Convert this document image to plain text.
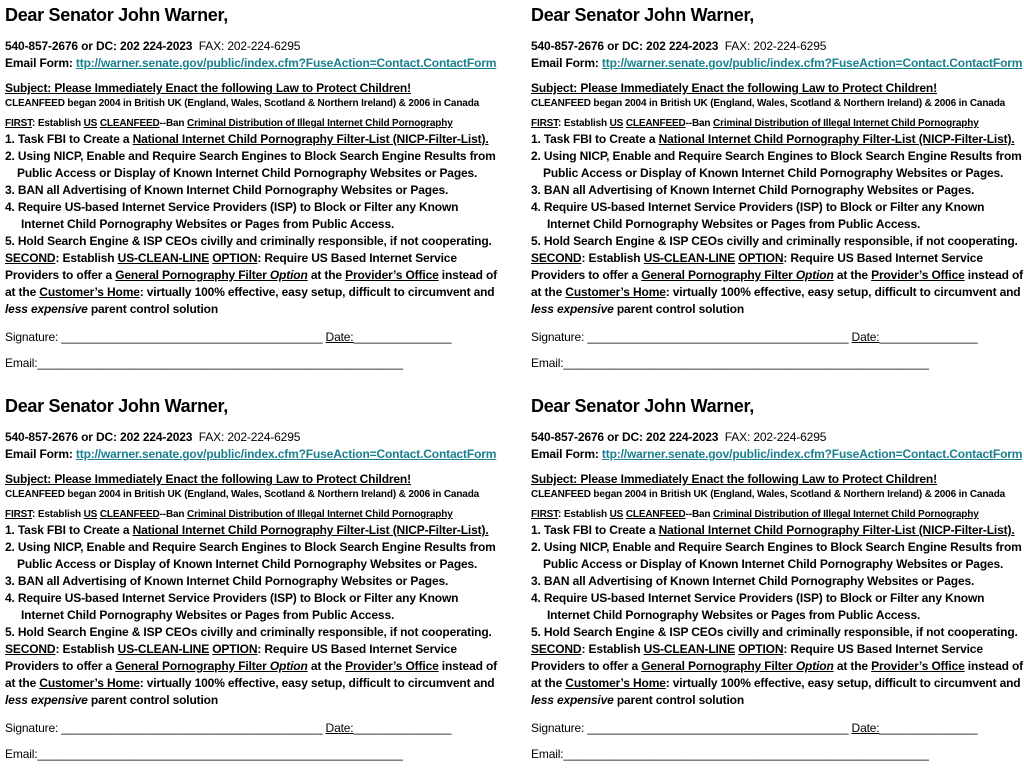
Dear Senator John Warner,
540-857-2676 or DC: 202 224-2023 FAX: 202-224-6295
Email Form: ttp://warner.senate.gov/public/index.cfm?FuseAction=Contact.ContactForm
Subject: Please Immediately Enact the following Law to Protect Children!
CLEANFEED began 2004 in British UK (England, Wales, Scotland & Northern Ireland) & 2006 in Canada
FIRST: Establish US CLEANFEED--Ban Criminal Distribution of Illegal Internet Child Pornography
1. Task FBI to Create a National Internet Child Pornography Filter-List (NICP-Filter-List).
2. Using NICP, Enable and Require Search Engines to Block Search Engine Results from
Public Access or Display of Known Internet Child Pornography Websites or Pages.
3. BAN all Advertising of Known Internet Child Pornography Websites or Pages.
4. Require US-based Internet Service Providers (ISP) to Block or Filter any Known
Internet Child Pornography Websites or Pages from Public Access.
5. Hold Search Engine & ISP CEOs civilly and criminally responsible, if not cooperating.
SECOND: Establish US-CLEAN-LINE OPTION: Require US Based Internet Service
Providers to offer a General Pornography Filter Option at the Provider’s Office instead of
at the Customer’s Home: virtually 100% effective, easy setup, difficult to circumvent and
less expensive parent control solution
Signature: ________________________________________ Date:_______________
Email:________________________________________________________
Dear Senator John Warner,
540-857-2676 or DC: 202 224-2023 FAX: 202-224-6295
Email Form: ttp://warner.senate.gov/public/index.cfm?FuseAction=Contact.ContactForm
Subject: Please Immediately Enact the following Law to Protect Children!
CLEANFEED began 2004 in British UK (England, Wales, Scotland & Northern Ireland) & 2006 in Canada
FIRST: Establish US CLEANFEED--Ban Criminal Distribution of Illegal Internet Child Pornography
1. Task FBI to Create a National Internet Child Pornography Filter-List (NICP-Filter-List).
2. Using NICP, Enable and Require Search Engines to Block Search Engine Results from
Public Access or Display of Known Internet Child Pornography Websites or Pages.
3. BAN all Advertising of Known Internet Child Pornography Websites or Pages.
4. Require US-based Internet Service Providers (ISP) to Block or Filter any Known
Internet Child Pornography Websites or Pages from Public Access.
5. Hold Search Engine & ISP CEOs civilly and criminally responsible, if not cooperating.
SECOND: Establish US-CLEAN-LINE OPTION: Require US Based Internet Service
Providers to offer a General Pornography Filter Option at the Provider’s Office instead of
at the Customer’s Home: virtually 100% effective, easy setup, difficult to circumvent and
less expensive parent control solution
Signature: ________________________________________ Date:_______________
Email:________________________________________________________
Dear Senator John Warner,
540-857-2676 or DC: 202 224-2023 FAX: 202-224-6295
Email Form: ttp://warner.senate.gov/public/index.cfm?FuseAction=Contact.ContactForm
Subject: Please Immediately Enact the following Law to Protect Children!
CLEANFEED began 2004 in British UK (England, Wales, Scotland & Northern Ireland) & 2006 in Canada
FIRST: Establish US CLEANFEED--Ban Criminal Distribution of Illegal Internet Child Pornography
1. Task FBI to Create a National Internet Child Pornography Filter-List (NICP-Filter-List).
2. Using NICP, Enable and Require Search Engines to Block Search Engine Results from
Public Access or Display of Known Internet Child Pornography Websites or Pages.
3. BAN all Advertising of Known Internet Child Pornography Websites or Pages.
4. Require US-based Internet Service Providers (ISP) to Block or Filter any Known
Internet Child Pornography Websites or Pages from Public Access.
5. Hold Search Engine & ISP CEOs civilly and criminally responsible, if not cooperating.
SECOND: Establish US-CLEAN-LINE OPTION: Require US Based Internet Service
Providers to offer a General Pornography Filter Option at the Provider’s Office instead of
at the Customer’s Home: virtually 100% effective, easy setup, difficult to circumvent and
less expensive parent control solution
Signature: ________________________________________ Date:_______________
Email:________________________________________________________
Dear Senator John Warner,
540-857-2676 or DC: 202 224-2023 FAX: 202-224-6295
Email Form: ttp://warner.senate.gov/public/index.cfm?FuseAction=Contact.ContactForm
Subject: Please Immediately Enact the following Law to Protect Children!
CLEANFEED began 2004 in British UK (England, Wales, Scotland & Northern Ireland) & 2006 in Canada
FIRST: Establish US CLEANFEED--Ban Criminal Distribution of Illegal Internet Child Pornography
1. Task FBI to Create a National Internet Child Pornography Filter-List (NICP-Filter-List).
2. Using NICP, Enable and Require Search Engines to Block Search Engine Results from
Public Access or Display of Known Internet Child Pornography Websites or Pages.
3. BAN all Advertising of Known Internet Child Pornography Websites or Pages.
4. Require US-based Internet Service Providers (ISP) to Block or Filter any Known
Internet Child Pornography Websites or Pages from Public Access.
5. Hold Search Engine & ISP CEOs civilly and criminally responsible, if not cooperating.
SECOND: Establish US-CLEAN-LINE OPTION: Require US Based Internet Service
Providers to offer a General Pornography Filter Option at the Provider’s Office instead of
at the Customer’s Home: virtually 100% effective, easy setup, difficult to circumvent and
less expensive parent control solution
Signature: ________________________________________ Date:_______________
Email:________________________________________________________
